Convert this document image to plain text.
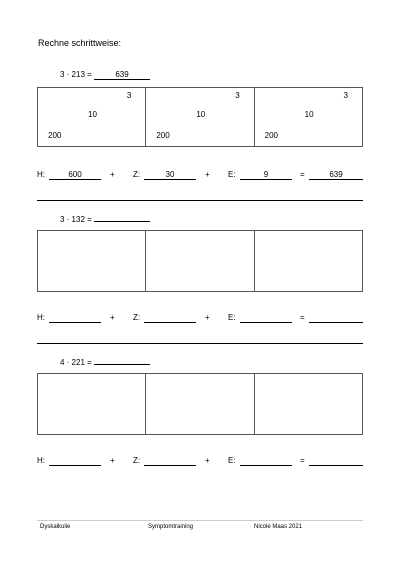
Rechne schrittweise:
3 · 213 =	639
3
10
200
3
10
200
3
10
200
H:	600	+ Z:	30	+ E:	9	=	639
3 · 132 =
H:	+ Z:	+ E:	=
4 · 221 =
H:	+ Z:	+ E:	=
Dyskalkulie	Symptomtraining	Nicole Maas 2021
